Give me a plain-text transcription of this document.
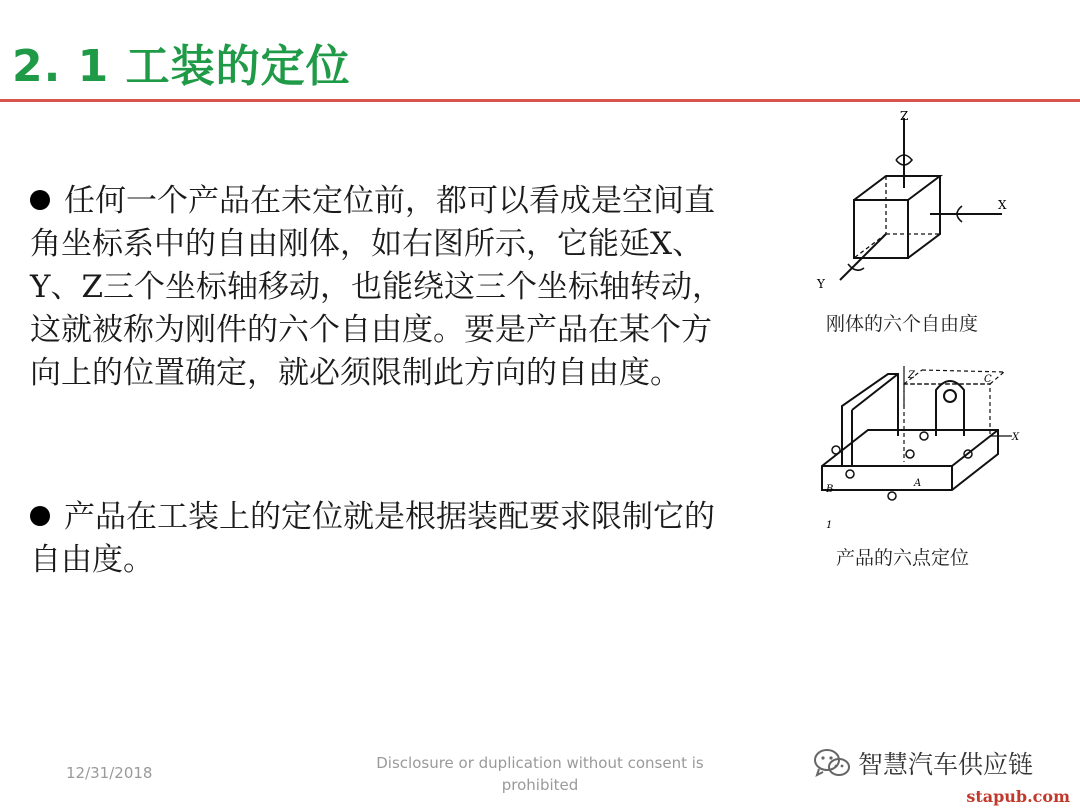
2. 1 工装的定位
任何一个产品在未定位前，都可以看成是空间直角坐标系中的自由刚体，如右图所示，它能延X、Y、Z三个坐标轴移动，也能绕这三个坐标轴转动，这就被称为刚件的六个自由度。要是产品在某个方向上的位置确定，就必须限制此方向的自由度。
产品在工装上的定位就是根据装配要求限制它的自由度。
Z
X
Y
刚体的六个自由度
Z
X
C
B
A
1
产品的六点定位
12/31/2018
Disclosure or duplication without consent is prohibited
智慧汽车供应链
stapub.com
